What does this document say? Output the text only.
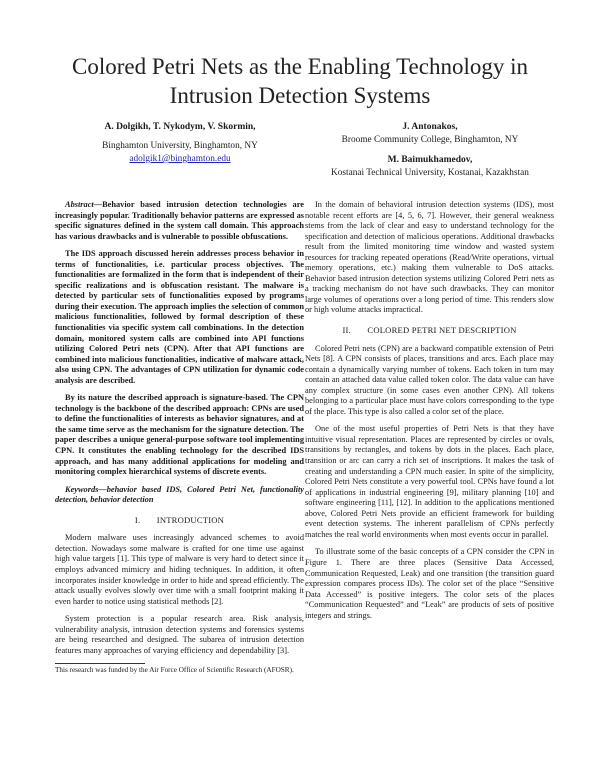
Colored Petri Nets as the Enabling Technology in
Intrusion Detection Systems
A. Dolgikh, T. Nykodym, V. Skormin,
Binghamton University, Binghamton, NY
adolgik1@binghamton.edu
J. Antonakos,
Broome Community College, Binghamton, NY
M. Baimukhamedov,
Kostanai Technical University, Kostanai, Kazakhstan

Abstract—Behavior based intrusion detection technologies are increasingly popular. Traditionally behavior patterns are expressed as specific signatures defined in the system call domain. This approach has various drawbacks and is vulnerable to possible obfuscations.

The IDS approach discussed herein addresses process behavior in terms of functionalities, i.e. particular process objectives. The functionalities are formalized in the form that is independent of their specific realizations and is obfuscation resistant. The malware is detected by particular sets of functionalities exposed by programs during their execution. The approach implies the selection of common malicious functionalities, followed by formal description of these functionalities via specific system call combinations. In the detection domain, monitored system calls are combined into API functions utilizing Colored Petri nets (CPN). After that API functions are combined into malicious functionalities, indicative of malware attack, also using CPN. The advantages of CPN utilization for dynamic code analysis are described.

By its nature the described approach is signature-based. The CPN technology is the backbone of the described approach: CPNs are used to define the functionalities of interests as behavior signatures, and at the same time serve as the mechanism for the signature detection. The paper describes a unique general-purpose software tool implementing CPN. It constitutes the enabling technology for the described IDS approach, and has many additional applications for modeling and monitoring complex hierarchical systems of discrete events.

Keywords—behavior based IDS, Colored Petri Net, functionality detection, behavior detection

I.       INTRODUCTION

Modern malware uses increasingly advanced schemes to avoid detection. Nowadays some malware is crafted for one time use against high value targets [1]. This type of malware is very hard to detect since it employs advanced mimicry and hiding techniques. In addition, it often incorporates insider knowledge in order to hide and spread efficiently. The attack usually evolves slowly over time with a small footprint making it even harder to notice using statistical methods [2].

System protection is a popular research area. Risk analysis, vulnerability analysis, intrusion detection systems and forensics systems are being researched and designed. The subarea of intrusion detection features many approaches of varying efficiency and dependability [3].

This research was funded by the Air Force Office of Scientific Research (AFOSR).

In the domain of behavioral intrusion detection systems (IDS), most notable recent efforts are [4, 5, 6, 7]. However, their general weakness stems from the lack of clear and easy to understand technology for the specification and detection of malicious operations. Additional drawbacks result from the limited monitoring time window and wasted system resources for tracking repeated operations (Read/Write operations, virtual memory operations, etc.) making them vulnerable to DoS attacks. Behavior based intrusion detection systems utilizing Colored Petri nets as a tracking mechanism do not have such drawbacks. They can monitor large volumes of operations over a long period of time. This renders slow or high volume attacks impractical.

II.       COLORED PETRI NET DESCRIPTION

Colored Petri nets (CPN) are a backward compatible extension of Petri Nets [8]. A CPN consists of places, transitions and arcs. Each place may contain a dynamically varying number of tokens. Each token in turn may contain an attached data value called token color. The data value can have any complex structure (in some cases even another CPN). All tokens belonging to a particular place must have colors corresponding to the type of the place. This type is also called a color set of the place.

One of the most useful properties of Petri Nets is that they have intuitive visual representation. Places are represented by circles or ovals, transitions by rectangles, and tokens by dots in the places. Each place, transition or arc can carry a rich set of inscriptions. It makes the task of creating and understanding a CPN much easier. In spite of the simplicity, Colored Petri Nets constitute a very powerful tool. CPNs have found a lot of applications in industrial engineering [9], military planning [10] and software engineering [11], [12]. In addition to the applications mentioned above, Colored Petri Nets provide an efficient framework for building event detection systems. The inherent parallelism of CPNs perfectly matches the real world environments when most events occur in parallel.

To illustrate some of the basic concepts of a CPN consider the CPN in Figure 1. There are three places (Sensitive Data Accessed, Communication Requested, Leak) and one transition (the transition guard expression compares process IDs). The color set of the place “Sensitive Data Accessed” is positive integers. The color sets of the places “Communication Requested” and “Leak” are products of sets of positive integers and strings.
